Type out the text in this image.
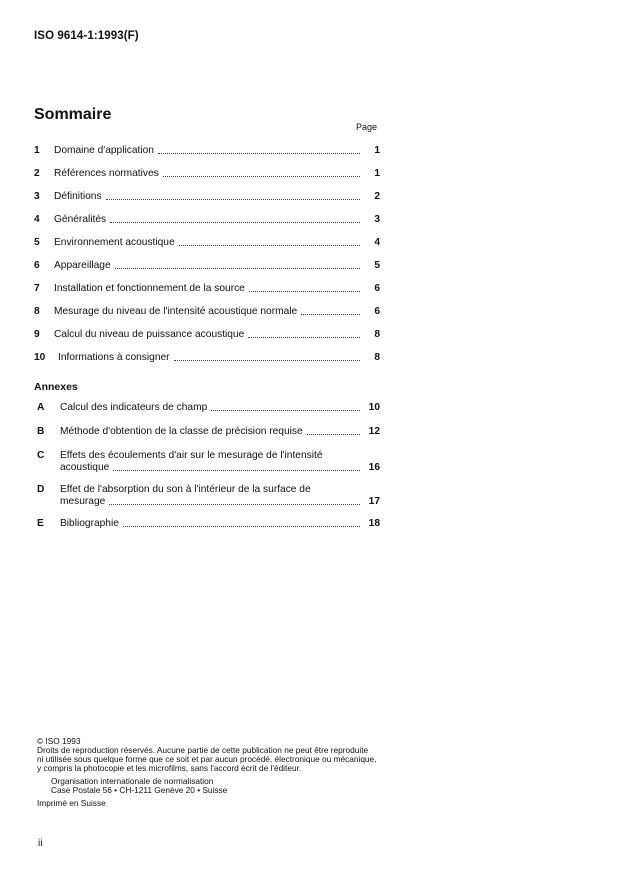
ISO 9614-1:1993(F)
Sommaire
Page
1	Domaine d'application	1
2	Références normatives	1
3	Définitions	2
4	Généralités	3
5	Environnement acoustique	4
6	Appareillage	5
7	Installation et fonctionnement de la source	6
8	Mesurage du niveau de l'intensité acoustique normale	6
9	Calcul du niveau de puissance acoustique	8
10	Informations à consigner	8
Annexes
A	Calcul des indicateurs de champ	10
B	Méthode d'obtention de la classe de précision requise	12
C	Effets des écoulements d'air sur le mesurage de l'intensité
acoustique	16
D	Effet de l'absorption du son à l'intérieur de la surface de
mesurage	17
E	Bibliographie	18
© ISO 1993
Droits de reproduction réservés. Aucune partie de cette publication ne peut être reproduite
ni utilisée sous quelque forme que ce soit et par aucun procédé, électronique ou mécanique,
y compris la photocopie et les microfilms, sans l'accord écrit de l'éditeur.
Organisation internationale de normalisation
Case Postale 56 • CH-1211 Genève 20 • Suisse
Imprimé en Suisse
ii
